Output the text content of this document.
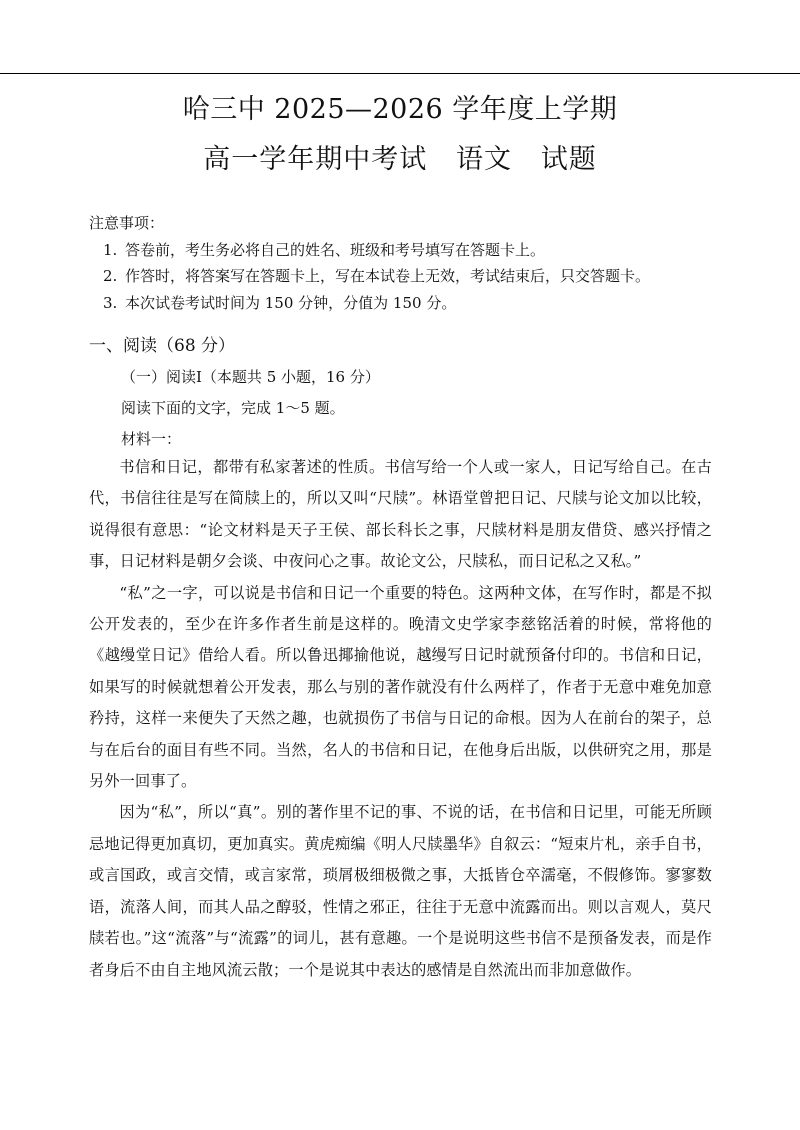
哈三中 2025—2026 学年度上学期
高一学年期中考试   语文   试题
注意事项：
1. 答卷前，考生务必将自己的姓名、班级和考号填写在答题卡上。
2. 作答时，将答案写在答题卡上，写在本试卷上无效，考试结束后，只交答题卡。
3. 本次试卷考试时间为 150 分钟，分值为 150 分。
一、阅读（68 分）
（一）阅读Ⅰ（本题共 5 小题，16 分）
阅读下面的文字，完成 1～5 题。
材料一：

书信和日记，都带有私家著述的性质。书信写给一个人或一家人，日记写给自己。在古代，书信往往是写在简牍上的，所以又叫“尺牍”。林语堂曾把日记、尺牍与论文加以比较，说得很有意思：“论文材料是天子王侯、部长科长之事，尺牍材料是朋友借贷、感兴抒情之事，日记材料是朝夕会谈、中夜问心之事。故论文公，尺牍私，而日记私之又私。”

“私”之一字，可以说是书信和日记一个重要的特色。这两种文体，在写作时，都是不拟公开发表的，至少在许多作者生前是这样的。晚清文史学家李慈铭活着的时候，常将他的《越缦堂日记》借给人看。所以鲁迅揶揄他说，越缦写日记时就预备付印的。书信和日记，如果写的时候就想着公开发表，那么与别的著作就没有什么两样了，作者于无意中难免加意矜持，这样一来便失了天然之趣，也就损伤了书信与日记的命根。因为人在前台的架子，总与在后台的面目有些不同。当然，名人的书信和日记，在他身后出版，以供研究之用，那是另外一回事了。

因为“私”，所以“真”。别的著作里不记的事、不说的话，在书信和日记里，可能无所顾忌地记得更加真切，更加真实。黄虎痴编《明人尺牍墨华》自叙云：“短束片札，亲手自书，或言国政，或言交情，或言家常，琐屑极细极微之事，大抵皆仓卒濡毫，不假修饰。寥寥数语，流落人间，而其人品之醇驳，性情之邪正，往往于无意中流露而出。则以言观人，莫尺牍若也。”这“流落”与“流露”的词儿，甚有意趣。一个是说明这些书信不是预备发表，而是作者身后不由自主地风流云散；一个是说其中表达的感情是自然流出而非加意做作。
